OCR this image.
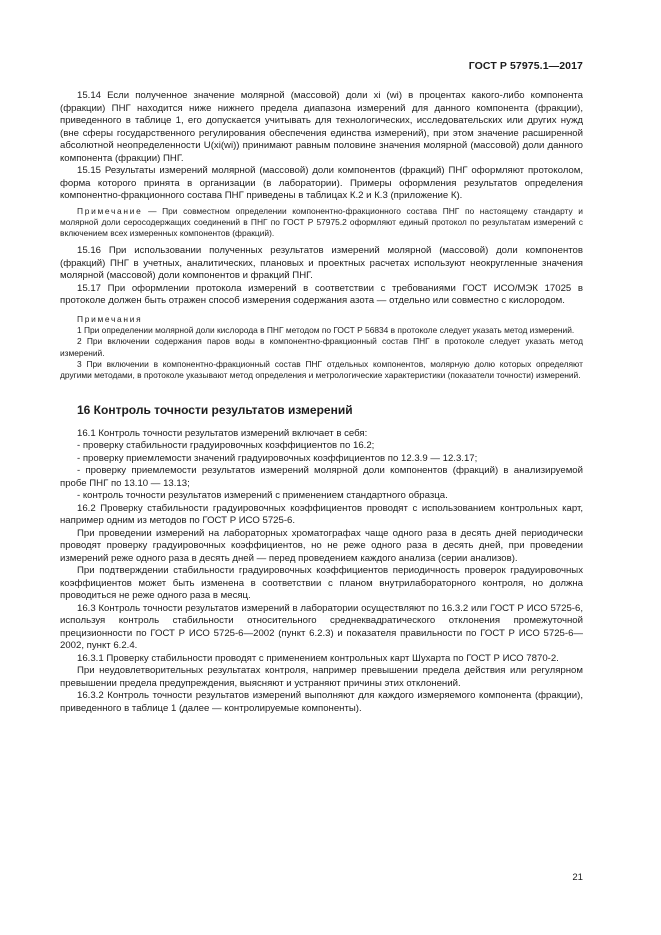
ГОСТ Р 57975.1—2017

15.14 Если полученное значение молярной (массовой) доли xi (wi) в процентах какого-либо компонента (фракции) ПНГ находится ниже нижнего предела диапазона измерений для данного компонента (фракции), приведенного в таблице 1, его допускается учитывать для технологических, исследовательских или других нужд (вне сферы государственного регулирования обеспечения единства измерений), при этом значение расширенной абсолютной неопределенности U(xi(wi)) принимают равным половине значения молярной (массовой) доли данного компонента (фракции) ПНГ.

15.15 Результаты измерений молярной (массовой) доли компонентов (фракций) ПНГ оформляют протоколом, форма которого принята в организации (в лаборатории). Примеры оформления результатов определения компонентно-фракционного состава ПНГ приведены в таблицах К.2 и К.3 (приложение К).

Примечание — При совместном определении компонентно-фракционного состава ПНГ по настоящему стандарту и молярной доли серосодержащих соединений в ПНГ по ГОСТ Р 57975.2 оформляют единый протокол по результатам измерений с включением всех измеренных компонентов (фракций).

15.16 При использовании полученных результатов измерений молярной (массовой) доли компонентов (фракций) ПНГ в учетных, аналитических, плановых и проектных расчетах используют неокругленные значения молярной (массовой) доли компонентов и фракций ПНГ.

15.17 При оформлении протокола измерений в соответствии с требованиями ГОСТ ИСО/МЭК 17025 в протоколе должен быть отражен способ измерения содержания азота — отдельно или совместно с кислородом.

Примечания

1 При определении молярной доли кислорода в ПНГ методом по ГОСТ Р 56834 в протоколе следует указать метод измерений.

2 При включении содержания паров воды в компонентно-фракционный состав ПНГ в протоколе следует указать метод измерений.

3 При включении в компонентно-фракционный состав ПНГ отдельных компонентов, молярную долю которых определяют другими методами, в протоколе указывают метод определения и метрологические характеристики (показатели точности) измерений.

16 Контроль точности результатов измерений

16.1 Контроль точности результатов измерений включает в себя:

- проверку стабильности градуировочных коэффициентов по 16.2;

- проверку приемлемости значений градуировочных коэффициентов по 12.3.9 — 12.3.17;

- проверку приемлемости результатов измерений молярной доли компонентов (фракций) в анализируемой пробе ПНГ по 13.10 — 13.13;

- контроль точности результатов измерений с применением стандартного образца.

16.2 Проверку стабильности градуировочных коэффициентов проводят с использованием контрольных карт, например одним из методов по ГОСТ Р ИСО 5725-6.

При проведении измерений на лабораторных хроматографах чаще одного раза в десять дней периодически проводят проверку градуировочных коэффициентов, но не реже одного раза в десять дней, при проведении измерений реже одного раза в десять дней — перед проведением каждого анализа (серии анализов).

При подтверждении стабильности градуировочных коэффициентов периодичность проверок градуировочных коэффициентов может быть изменена в соответствии с планом внутрилабораторного контроля, но должна проводиться не реже одного раза в месяц.

16.3 Контроль точности результатов измерений в лаборатории осуществляют по 16.3.2 или ГОСТ Р ИСО 5725-6, используя контроль стабильности относительного среднеквадратического отклонения промежуточной прецизионности по ГОСТ Р ИСО 5725-6—2002 (пункт 6.2.3) и показателя правильности по ГОСТ Р ИСО 5725-6—2002, пункт 6.2.4.

16.3.1 Проверку стабильности проводят с применением контрольных карт Шухарта по ГОСТ Р ИСО 7870-2.

При неудовлетворительных результатах контроля, например превышении предела действия или регулярном превышении предела предупреждения, выясняют и устраняют причины этих отклонений.

16.3.2 Контроль точности результатов измерений выполняют для каждого измеряемого компонента (фракции), приведенного в таблице 1 (далее — контролируемые компоненты).

21
